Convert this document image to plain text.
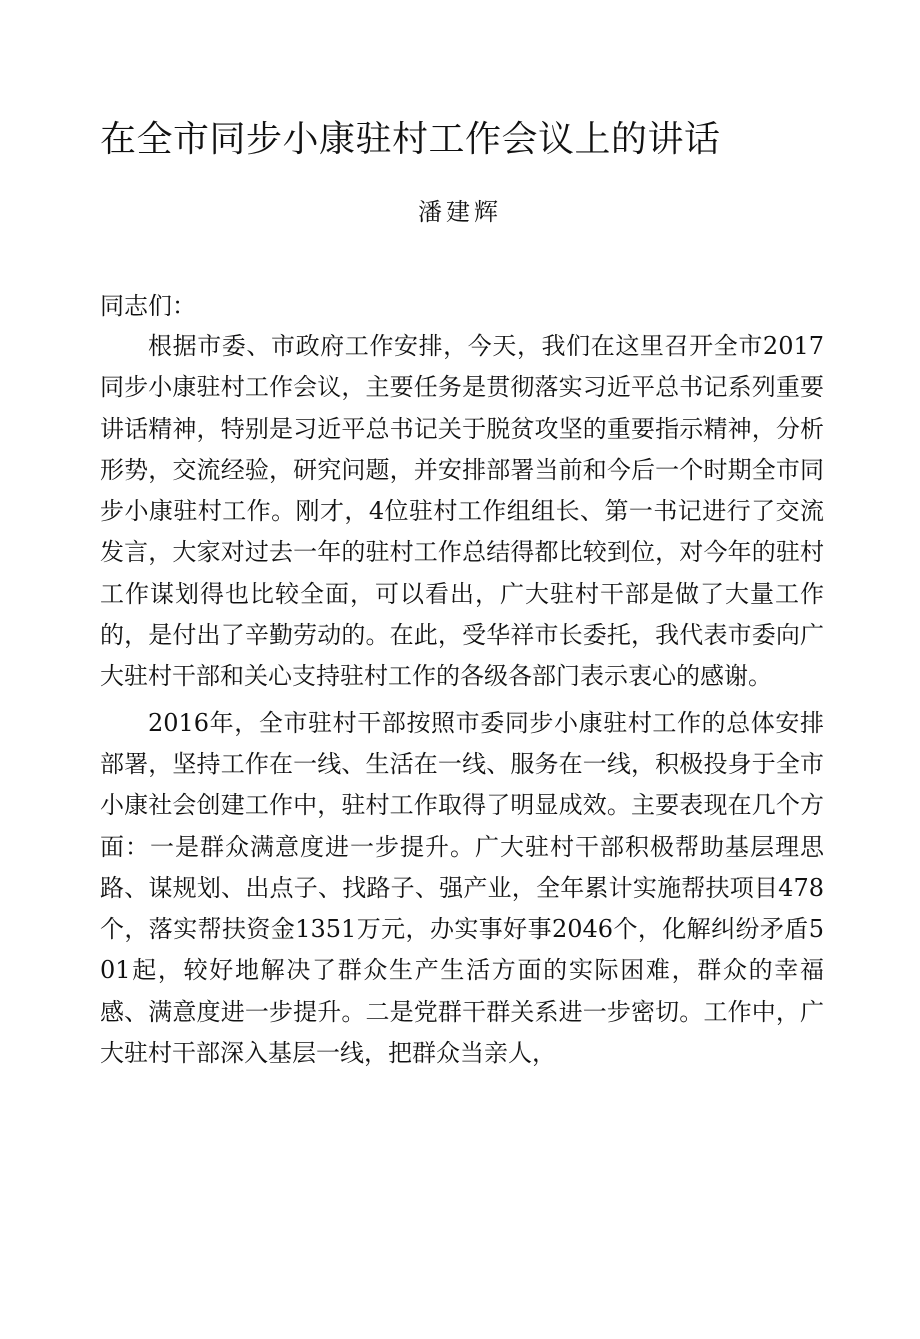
在全市同步小康驻村工作会议上的讲话

潘建辉

同志们：

根据市委、市政府工作安排，今天，我们在这里召开全市2017同步小康驻村工作会议，主要任务是贯彻落实习近平总书记系列重要讲话精神，特别是习近平总书记关于脱贫攻坚的重要指示精神，分析形势，交流经验，研究问题，并安排部署当前和今后一个时期全市同步小康驻村工作。刚才，4位驻村工作组组长、第一书记进行了交流发言，大家对过去一年的驻村工作总结得都比较到位，对今年的驻村工作谋划得也比较全面，可以看出，广大驻村干部是做了大量工作的，是付出了辛勤劳动的。在此，受华祥市长委托，我代表市委向广大驻村干部和关心支持驻村工作的各级各部门表示衷心的感谢。

2016年，全市驻村干部按照市委同步小康驻村工作的总体安排部署，坚持工作在一线、生活在一线、服务在一线，积极投身于全市小康社会创建工作中，驻村工作取得了明显成效。主要表现在几个方面：一是群众满意度进一步提升。广大驻村干部积极帮助基层理思路、谋规划、出点子、找路子、强产业，全年累计实施帮扶项目478个，落实帮扶资金1351万元，办实事好事2046个，化解纠纷矛盾501起，较好地解决了群众生产生活方面的实际困难，群众的幸福感、满意度进一步提升。二是党群干群关系进一步密切。工作中，广大驻村干部深入基层一线，把群众当亲人，
